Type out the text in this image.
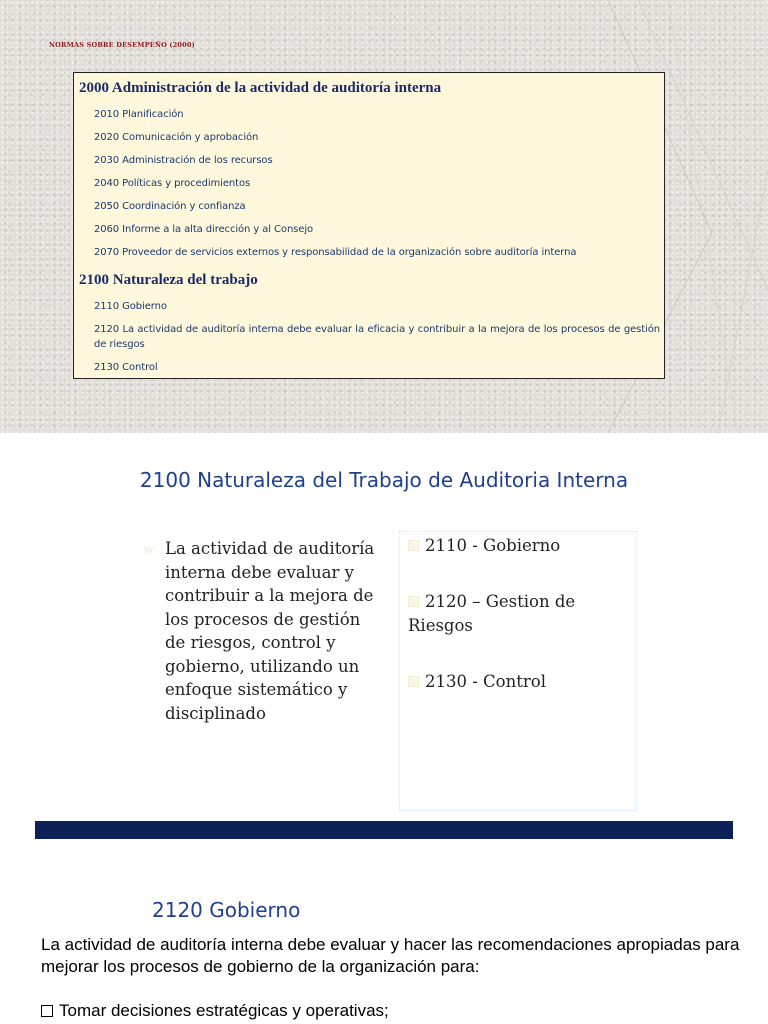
NORMAS SOBRE DESEMPEÑO (2000)
2000 Administración de la actividad de auditoría interna
2010 Planificación
2020 Comunicación y aprobación
2030 Administración de los recursos
2040 Políticas y procedimientos
2050 Coordinación y confianza
2060 Informe a la alta dirección y al Consejo
2070 Proveedor de servicios externos y responsabilidad de la organización sobre auditoría interna
2100 Naturaleza del trabajo
2110 Gobierno
2120 La actividad de auditoría interna debe evaluar la eficacia y contribuir a la mejora de los procesos de gestión de riesgos
2130 Control
2100 Naturaleza del Trabajo de Auditoria Interna
w La actividad de auditoría interna debe evaluar y contribuir a la mejora de los procesos de gestión de riesgos, control y gobierno, utilizando un enfoque sistemático y disciplinado
2110 - Gobierno
2120 – Gestion de Riesgos
2130 - Control
2120 Gobierno
La actividad de auditoría interna debe evaluar y hacer las recomendaciones apropiadas para mejorar los procesos de gobierno de la organización para:
Tomar decisiones estratégicas y operativas;
